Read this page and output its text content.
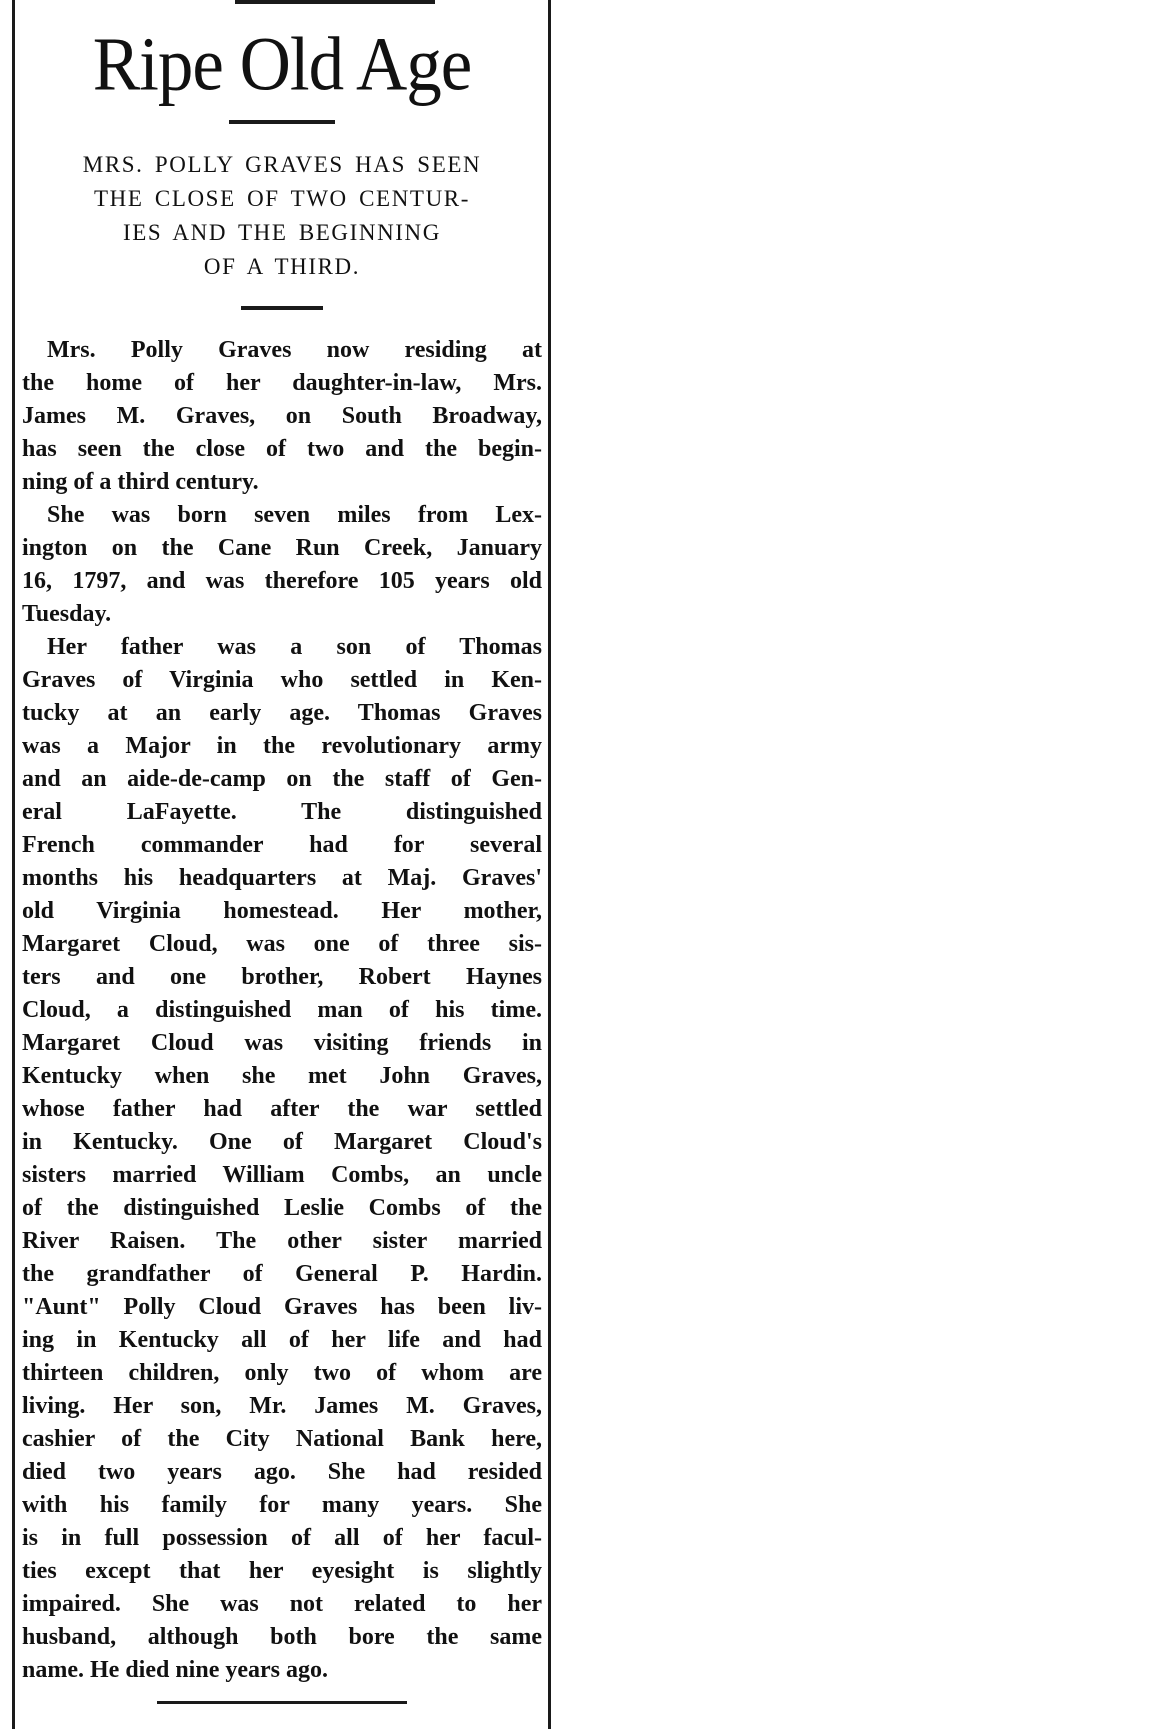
Ripe Old Age
MRS. POLLY GRAVES HAS SEEN
THE CLOSE OF TWO CENTUR-
IES AND THE BEGINNING
OF A THIRD.

Mrs. Polly Graves now residing at
the home of her daughter-in-law, Mrs.
James M. Graves, on South Broadway,
has seen the close of two and the begin-
ning of a third century.

She was born seven miles from Lex-
ington on the Cane Run Creek, January
16, 1797, and was therefore 105 years old
Tuesday.

Her father was a son of Thomas
Graves of Virginia who settled in Ken-
tucky at an early age. Thomas Graves
was a Major in the revolutionary army
and an aide-de-camp on the staff of Gen-
eral LaFayette. The distinguished
French commander had for several
months his headquarters at Maj. Graves'
old Virginia homestead. Her mother,
Margaret Cloud, was one of three sis-
ters and one brother, Robert Haynes
Cloud, a distinguished man of his time.
Margaret Cloud was visiting friends in
Kentucky when she met John Graves,
whose father had after the war settled
in Kentucky. One of Margaret Cloud's
sisters married William Combs, an uncle
of the distinguished Leslie Combs of the
River Raisen. The other sister married
the grandfather of General P. Hardin.
"Aunt" Polly Cloud Graves has been liv-
ing in Kentucky all of her life and had
thirteen children, only two of whom are
living. Her son, Mr. James M. Graves,
cashier of the City National Bank here,
died two years ago. She had resided
with his family for many years. She
is in full possession of all of her facul-
ties except that her eyesight is slightly
impaired. She was not related to her
husband, although both bore the same
name. He died nine years ago.
